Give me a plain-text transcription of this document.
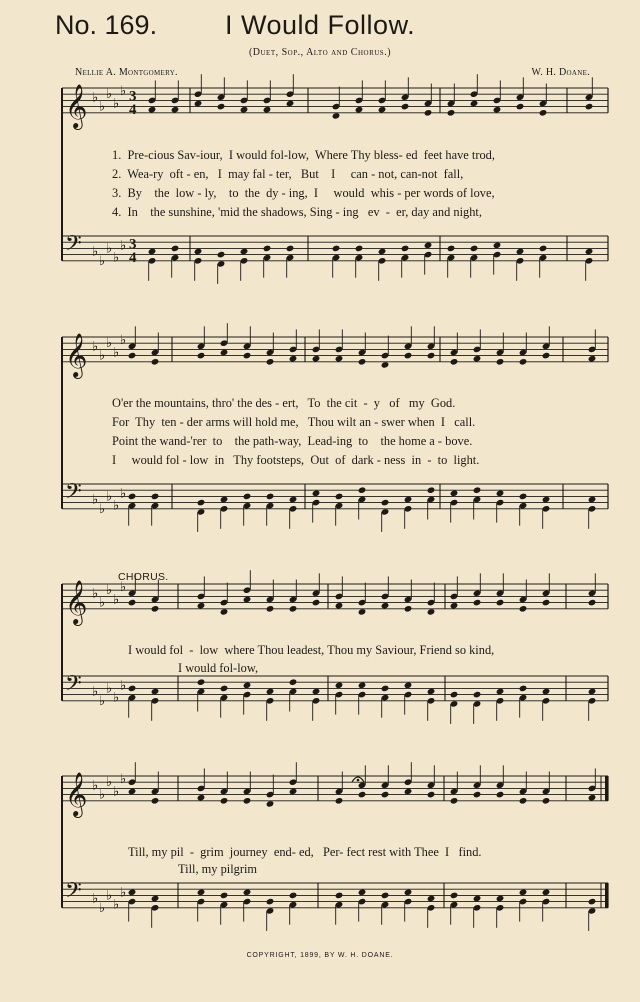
No. 169.	I Would Follow.
(Duet, Sop., Alto and Chorus.)
Nellie A. Montgomery.	W. H. Doane.
𝄞 ♭
♭
♭
♭
♭ 3
4
𝄢 ♭
♭
♭
♭
♭ 3
4
𝄞 ♭
♭
♭
♭
♭
𝄢 ♭
♭
♭
♭
♭
𝄞 ♭
♭
♭
♭
♭
𝄢 ♭
♭
♭
♭
♭
𝄞 ♭
♭
♭
♭
♭
𝄢 ♭
♭
♭
♭
♭
1.  Pre-cious Sav-iour,  I would fol-low,  Where Thy bless- ed  feet have trod,
2.  Wea-ry  oft - en,   I  may fal - ter,   But    I     can - not, can-not  fall,
3.  By    the  low - ly,    to  the  dy - ing,  I     would  whis - per words of love,
4.  In    the sunshine, 'mid the shadows, Sing - ing   ev  -  er, day and night,
O'er the mountains, thro' the des - ert,   To  the cit  -  y   of   my  God.
For  Thy  ten - der arms will hold me,   Thou wilt an - swer when  I   call.
Point the wand-'rer  to    the path-way,  Lead-ing  to    the home a - bove.
I     would fol - low  in   Thy footsteps,  Out  of  dark - ness  in  -  to  light.
CHORUS.
I would fol  -  low  where Thou leadest, Thou my Saviour, Friend so kind,
I would fol-low,
Till, my pil  -  grim  journey  end- ed,   Per- fect rest with Thee  I   find.
Till, my pilgrim
COPYRIGHT, 1899, BY W. H. DOANE.
